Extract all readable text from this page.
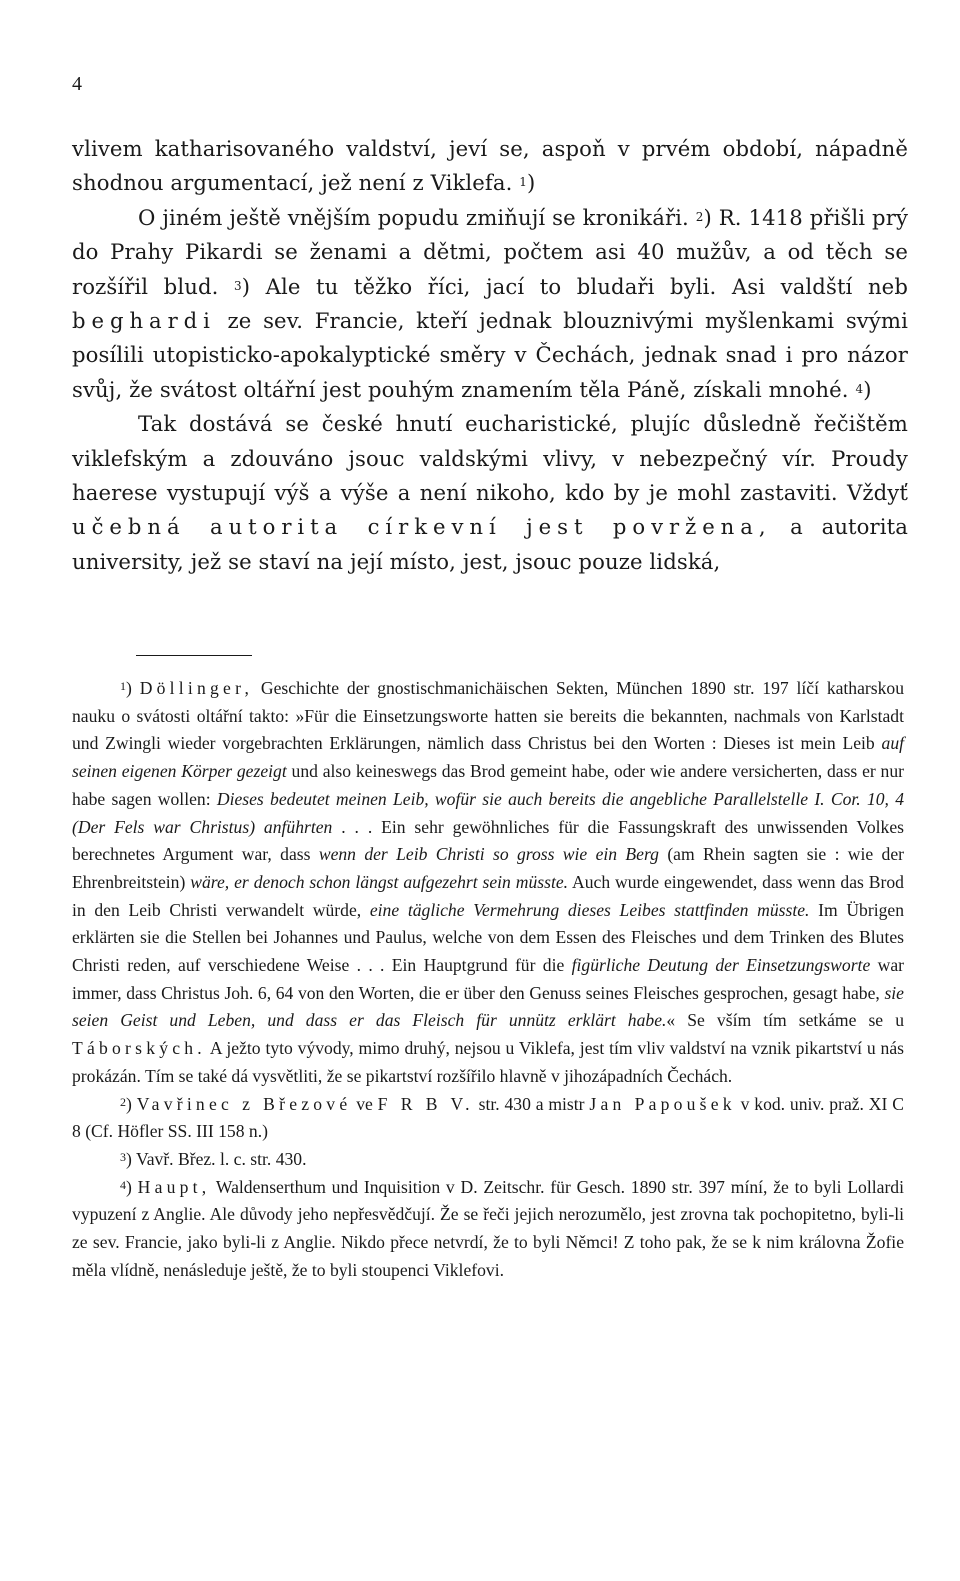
4

vlivem katharisovaného valdství, jeví se, aspoň v prvém období, nápadně shodnou argumentací, jež není z Viklefa. 1)

O jiném ještě vnějším popudu zmiňují se kronikáři. 2) R. 1418 přišli prý do Prahy Pikardi se ženami a dětmi, počtem asi 40 mužův, a od těch se rozšířil blud. 3) Ale tu těžko říci, jací to bludaři byli. Asi valdští neb beghardi ze sev. Francie, kteří jednak blouznivými myšlenkami svými posílili utopisticko-apokalyptické směry v Čechách, jednak snad i pro názor svůj, že svátost oltářní jest pouhým znamením těla Páně, získali mnohé. 4)

Tak dostává se české hnutí eucharistické, plujíc důsledně řečištěm viklefským a zdouváno jsouc valdskými vlivy, v nebezpečný vír. Proudy haerese vystupují výš a výše a není nikoho, kdo by je mohl zastaviti. Vždyť učebná autorita církevní jest povržena, a autorita university, jež se staví na její místo, jest, jsouc pouze lidská,

$^1$) Döllinger, Geschichte der gnostischmanichäischen Sekten, München 1890 str. 197 líčí katharskou nauku o svátosti oltářní takto: »Für die Einsetzungsworte hatten sie bereits die bekannten, nachmals von Karlstadt und Zwingli wieder vorgebrachten Erklärungen, nämlich dass Christus bei den Worten : Dieses ist mein Leib auf seinen eigenen Körper gezeigt und also keineswegs das Brod gemeint habe, oder wie andere versicherten, dass er nur habe sagen wollen: Dieses bedeutet meinen Leib, wofür sie auch bereits die angebliche Parallelstelle I. Cor. 10, 4 (Der Fels war Christus) anführten . . . Ein sehr gewöhnliches für die Fassungskraft des unwissenden Volkes berechnetes Argument war, dass wenn der Leib Christi so gross wie ein Berg (am Rhein sagten sie : wie der Ehrenbreitstein) wäre, er denoch schon längst aufgezehrt sein müsste. Auch wurde eingewendet, dass wenn das Brod in den Leib Christi verwandelt würde, eine tägliche Vermehrung dieses Leibes stattfinden müsste. Im Übrigen erklärten sie die Stellen bei Johannes und Paulus, welche von dem Essen des Fleisches und dem Trinken des Blutes Christi reden, auf verschiedene Weise . . . Ein Hauptgrund für die figürliche Deutung der Einsetzungsworte war immer, dass Christus Joh. 6, 64 von den Worten, die er über den Genuss seines Fleisches gesprochen, gesagt habe, sie seien Geist und Leben, und dass er das Fleisch für unnütz erklärt habe.« Se vším tím setkáme se u Táborských. A ježto tyto vývody, mimo druhý, nejsou u Viklefa, jest tím vliv valdství na vznik pikartství u nás prokázán. Tím se také dá vysvětliti, že se pikartství rozšířilo hlavně v jihozápadních Čechách.

$^2$) Vavřinec z Březové ve F R B V. str. 430 a mistr Jan Papoušek v kod. univ. praž. XI C 8 (Cf. Höfler SS. III 158 n.)

$^3$) Vavř. Břez. l. c. str. 430.

$^4$) Haupt, Waldenserthum und Inquisition v D. Zeitschr. für Gesch. 1890 str. 397 míní, že to byli Lollardi vypuzení z Anglie. Ale důvody jeho nepřesvědčují. Že se řeči jejich nerozumělo, jest zrovna tak pochopitetno, byli-li ze sev. Francie, jako byli-li z Anglie. Nikdo přece netvrdí, že to byli Němci! Z toho pak, že se k nim královna Žofie měla vlídně, nenásleduje ještě, že to byli stoupenci Viklefovi.
